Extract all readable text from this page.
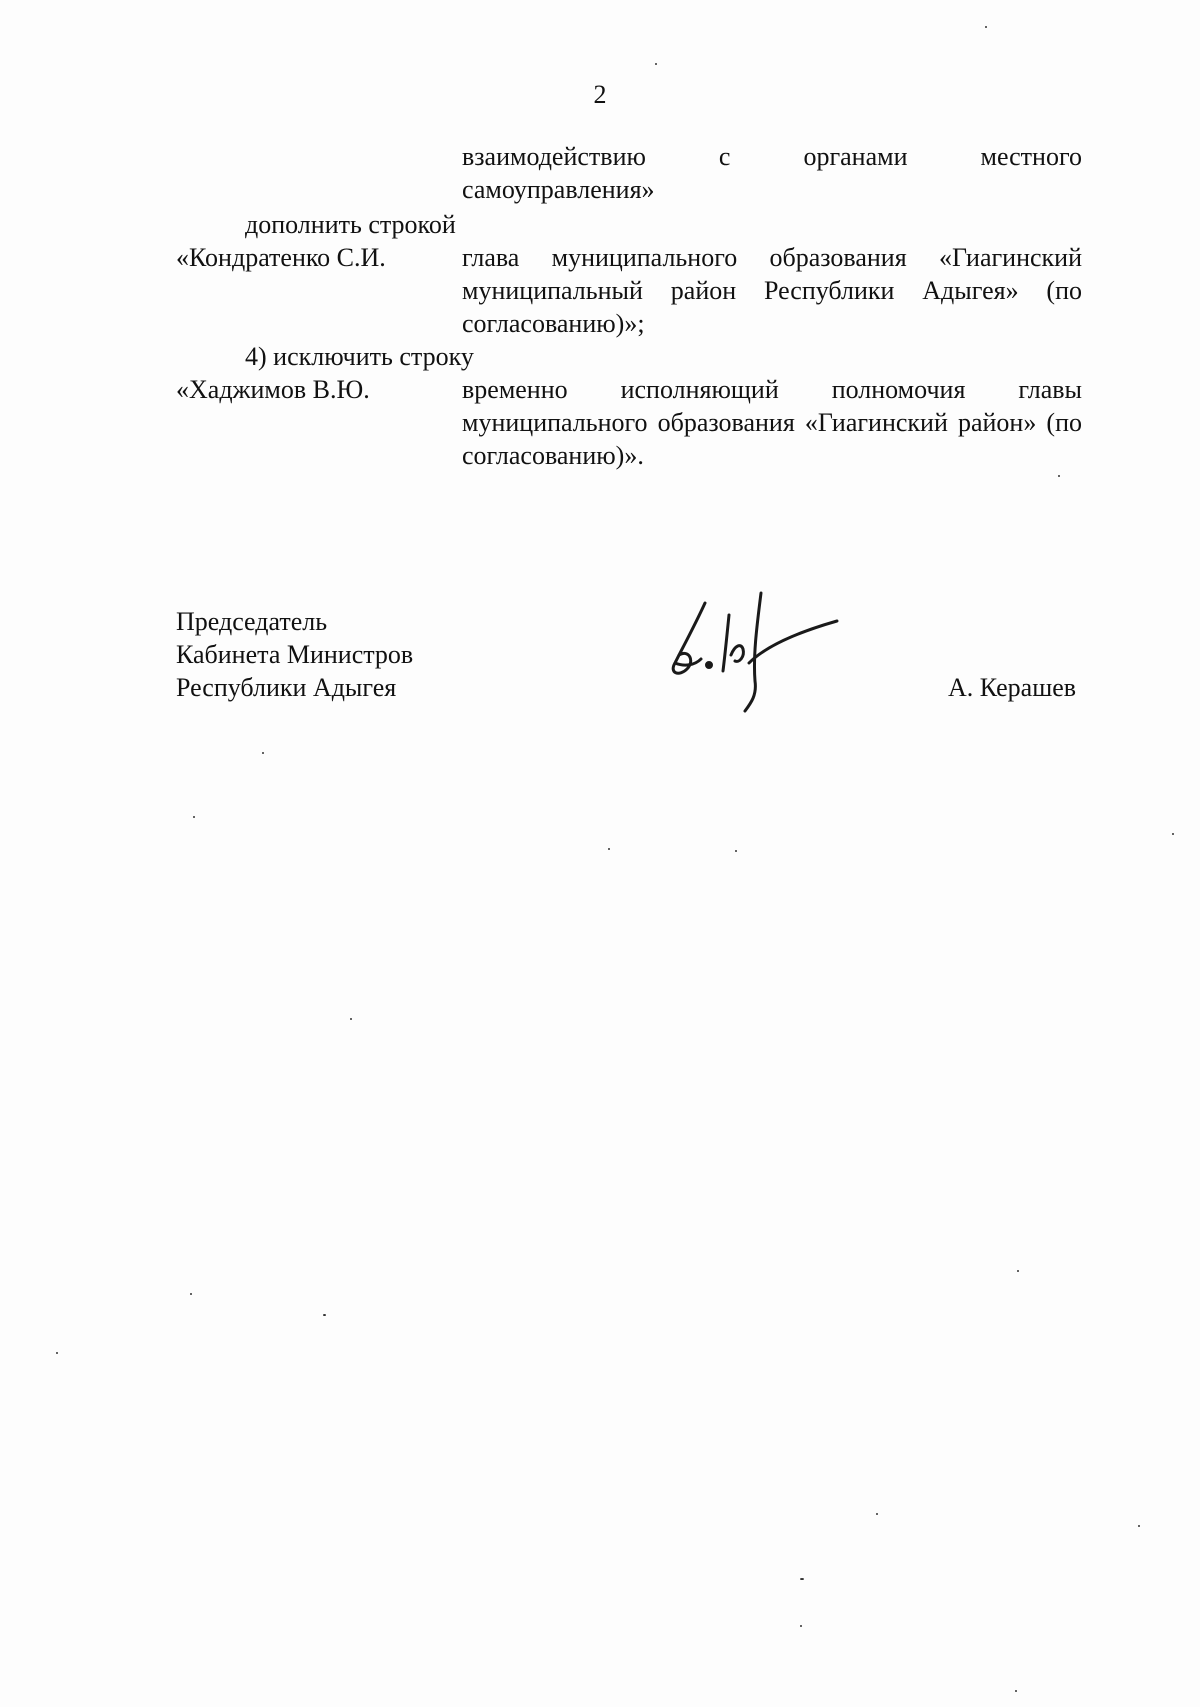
2
взаимодействию	с	органами	местного
самоуправления»
дополнить строкой
«Кондратенко С.И.	глава муниципального образования «Гиагинский муниципальный район Республики Адыгея» (по согласованию)»;
4) исключить строку
«Хаджимов В.Ю.	временно исполняющий полномочия главы муниципального образования «Гиагинский район» (по согласованию)».
Председатель
Кабинета Министров
Республики Адыгея	А. Керашев
